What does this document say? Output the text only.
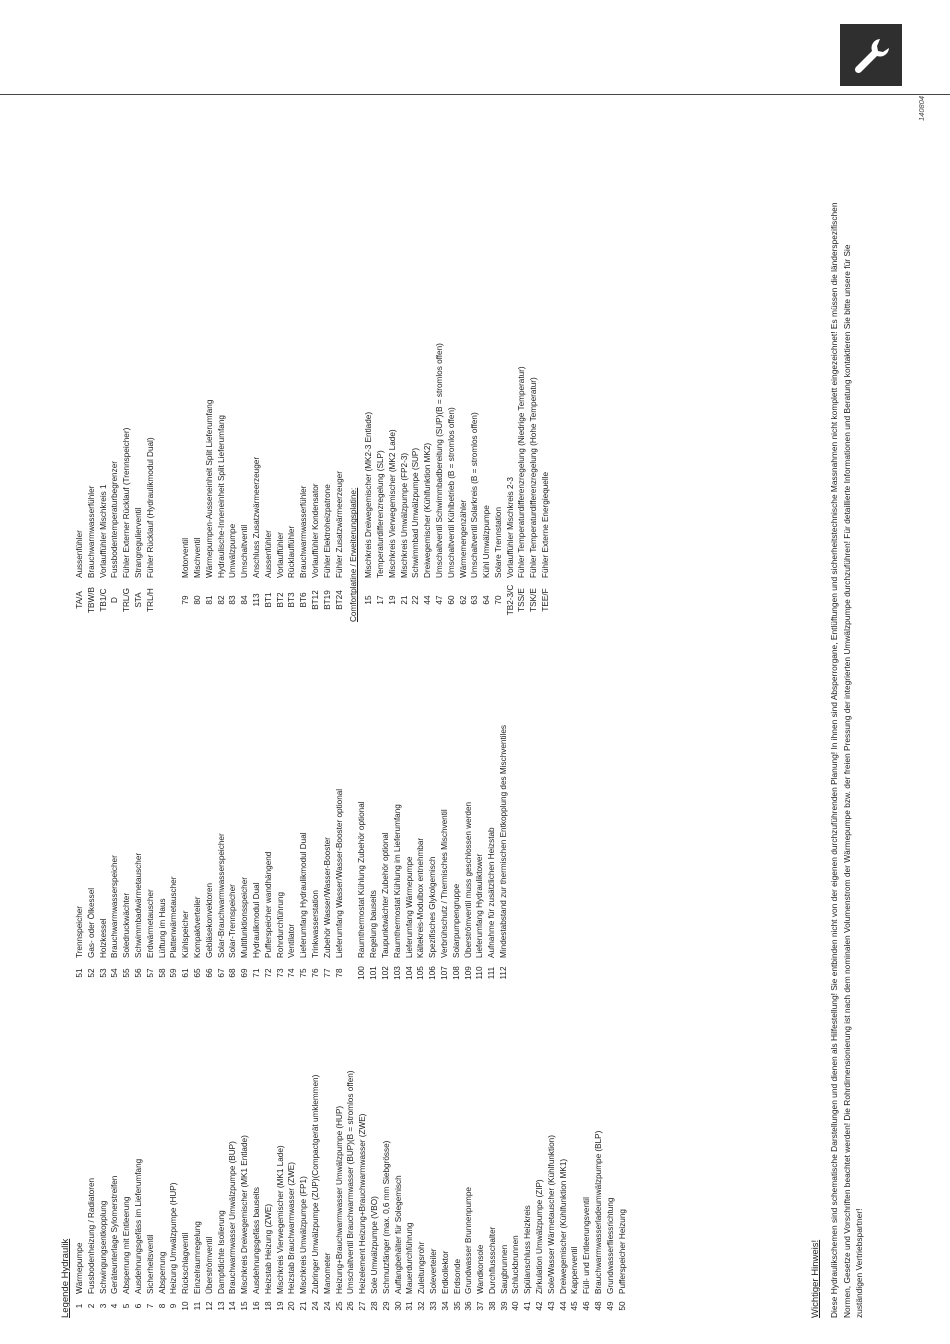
140804
Legende Hydraulik 1Wärmepumpe
2Fussbodenheizung / Radiatoren
3Schwingungsentkopplung
4Geräteunterlage Sylomerstreifen
5Absperrung mit Entleerung
6Ausdehnungsgefäss im Lieferumfang
7Sicherheitsventil
8Absperrung
9Heizung Umwälzpumpe (HUP)
10Rückschlagventil
11Einzelraumregelung
12Überströmventil
13Dampfdichte Isolierung
14Brauchwarmwasser Umwälzpumpe (BUP)
15Mischkreis Dreiwegemischer (MK1 Entlade)
16Ausdehnungsgefäss bauseits
18Heizstab Heizung (ZWE)
19Mischkreis Vierwegemischer (MK1 Lade)
20Heizstab Brauchwarmwasser (ZWE)
21Mischkreis Umwälzpumpe (FP1)
24Zubringer Umwälzpumpe (ZUP)(Compactgerät umklemmen)
24Manometer
25Heizung+Brauchwarmwasser Umwälzpumpe (HUP)
26Umschaltventil Brauchwarmwasser (BUP)(B = stromlos offen)
27Heizelement Heizung+Brauchwarmwasser (ZWE)
28Sole Umwälzpumpe (VBO)
29Schmutzfänger (max. 0,6 mm Siebgrösse)
30Auffangbehälter für Solegemisch
31Mauerdurchführung
32Zuleitungsrohr
33Soleverteiler
34Erdkollektor
35Erdsonde
36Grundwasser Brunnenpumpe
37Wandkonsole
38Durchflussschalter
39Saugbrunnen
40Schluckbrunnen
41Spülanschluss Heizkreis
42Zirkulation Umwälzpumpe (ZIP)
43Sole/Wasser Wärmetauscher (Kühlfunktion)
44Dreiwegemischer (Kühlfunktion MK1)
45Kappenventil
46Füll- und Entleerungsventil
48Brauchwarmwasserladeumwälzpumpe (BLP)
49Grundwasserfliessrichtung
50Pufferspeicher Heizung
51Trennspeicher
52Gas- oder Ölkessel
53Holzkessel
54Brauchwarmwasserspeicher
55Soledruckwächter
56Schwimmbadwärmetauscher
57Erdwärmetauscher
58Lüftung im Haus
59Plattenwärmetauscher
61Kühlspeicher
65Kompaktverteiler
66Gebläsekonvektoren
67Solar-Brauchwarmwasserspeicher
68Solar-Trennspeicher
69Multifunktionsspeicher
71Hydraulikmodul Dual
72Pufferspeicher wandhängend
73Rohrdurchführung
74Ventilator
75Lieferumfang Hydraulikmodul Dual
76Trinkwasserstation
77Zubehör Wasser/Wasser-Booster
78Lieferumfang Wasser/Wasser-Booster optional
100Raumthermostat Kühlung Zubehör optional
101Regelung bauseits
102Taupunktwächter Zubehör optional
103Raumthermostat Kühlung im Lieferumfang
104Lieferumfang Wärmepumpe
105Kältekreis-Modulbox entnehmbar
106Spezifisches Glykolgemisch
107Verbrühschutz / Thermisches Mischventil
108Solarpumpengruppe
109Überströmventil muss geschlossen werden
110Lieferumfang Hydrauliktower
111Aufnahme für zusätzlichen Heizstab
112Mindestabstand zur thermischen Entkopplung des Mischventiles
TA/AAussenfühler
TBW/BBrauchwarmwasserfühler
TB1/CVorlauffühler Mischkreis 1
DFussbodentemperaturbegrenzer
TRL/GFühler Externer Rücklauf (Trennspeicher)
STAStrangregulierventil
TRL/HFühler Rücklauf (Hydraulikmodul Dual)
79Motorventil
80Mischventil
81Wärmepumpen-Ausseneinheit Split Lieferumfang
82Hydraulische-Inneneinheit Split Lieferumfang
83Umwälzpumpe
84Umschaltventil
113Anschluss Zusatzwärmeerzeuger
BT1Aussenfühler
BT2Vorlauffühler
BT3Rücklauffühler
BT6Brauchwarmwasserfühler
BT12Vorlauffühler Kondensator
BT19Fühler Elektroheizpatrone
BT24Fühler Zusatzwärmeerzeuger Comfortplatine / Erweiterungsplatine: 15Mischkreis Dreiwegemischer (MK2-3 Entlade)
17Temperaturdifferenzregelung (SLP)
19Mischkreis Vierwegemischer (MK2 Lade)
21Mischkreis Umwälzpumpe (FP2-3)
22Schwimmbad Umwälzpumpe (SUP)
44Dreiwegemischer (Kühlfunktion MK2)
47Umschaltventil Schwimmbadbereitung (SUP)(B = stromlos offen)
60Umschaltventil Kühlbetrieb (B = stromlos offen)
62Wärmemengenzähler
63Umschaltventil Solarkreis (B = stromlos offen)
64Kühl Umwälzpumpe
70Solare Trennstation
TB2-3/CVorlauffühler Mischkreis 2-3
TSS/EFühler Temperaturdifferenzregelung (Niedrige Temperatur)
TSK/EFühler Temperaturdifferenzregelung (Hohe Temperatur)
TEE/FFühler Externe Energiequelle
Wichtiger Hinweis! Diese Hydraulikschemen sind schematische Darstellungen und dienen als Hilfestellung! Sie entbinden nicht von der eigenen durchzuführenden Planung! In ihnen sind Absperrorgane, Entlüftungen und sicherheitstechnische Massnahmen nicht komplett eingezeichnet! Es müssen die länderspezifischen Normen, Gesetze und Vorschriften beachtet werden! Die Rohrdimensionierung ist nach dem nominalen Volumenstrom der Wärmepumpe bzw. der freien Pressung der integrierten Umwälzpumpe durchzuführen! Für detaillierte Informationen und Beratung kontaktieren Sie bitte unsere für Sie zuständigen Vertriebspartner!
